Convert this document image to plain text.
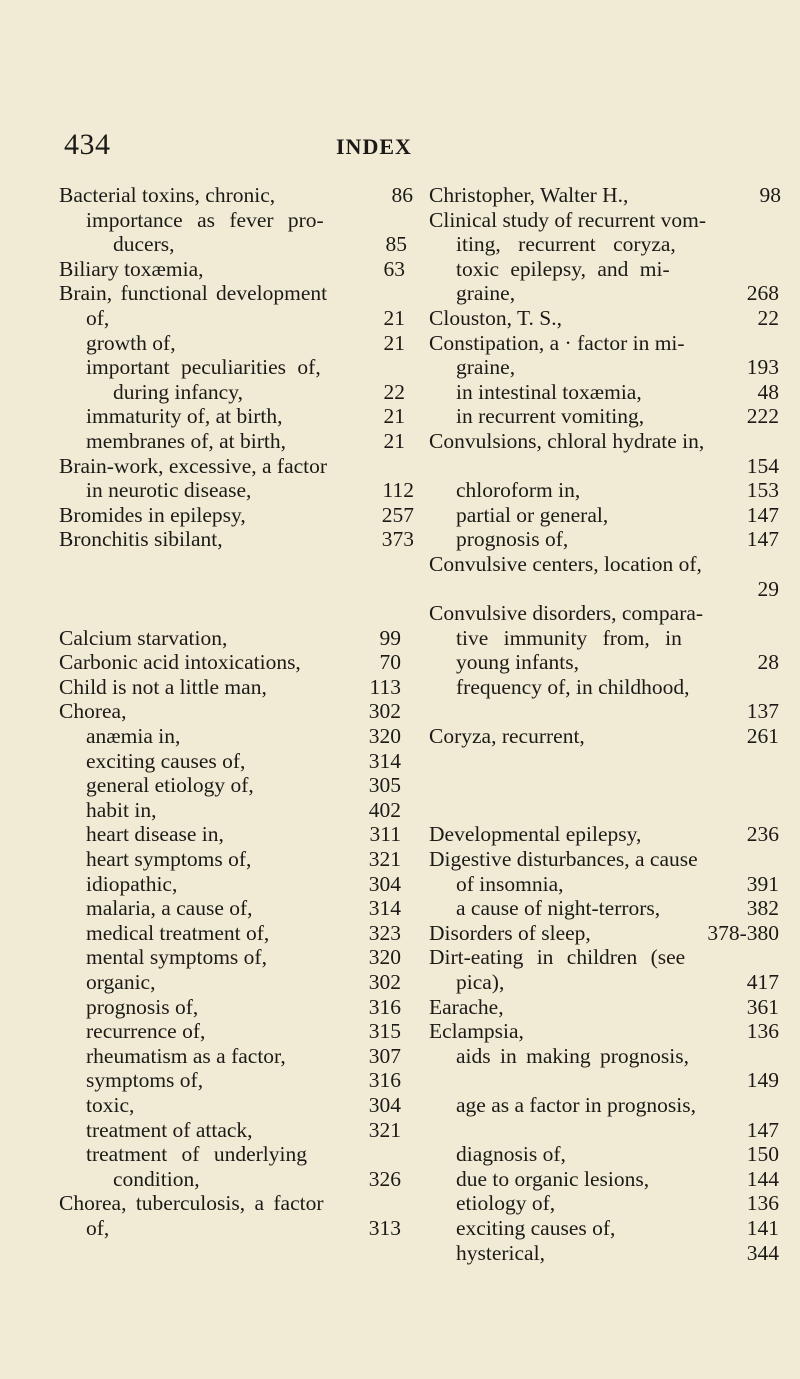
434	INDEX
Bacterial toxins, chronic,	86
importance as fever pro-
ducers,	85
Biliary toxæmia,	63
Brain, functional development
of,	21
growth of,	21
important peculiarities of,
during infancy,	22
immaturity of, at birth,	21
membranes of, at birth,	21
Brain-work, excessive, a factor
in neurotic disease,	112
Bromides in epilepsy,	257
Bronchitis sibilant,	373
Calcium starvation,	99
Carbonic acid intoxications,	70
Child is not a little man,	113
Chorea,	302
anæmia in,	320
exciting causes of,	314
general etiology of,	305
habit in,	402
heart disease in,	311
heart symptoms of,	321
idiopathic,	304
malaria, a cause of,	314
medical treatment of,	323
mental symptoms of,	320
organic,	302
prognosis of,	316
recurrence of,	315
rheumatism as a factor,	307
symptoms of,	316
toxic,	304
treatment of attack,	321
treatment of underlying
condition,	326
Chorea, tuberculosis, a factor
of,	313
Christopher, Walter H.,	98
Clinical study of recurrent vom-
iting, recurrent coryza,
toxic epilepsy, and mi-
graine,	268
Clouston, T. S.,	22
Constipation, a · factor in mi-
graine,	193
in intestinal toxæmia,	48
in recurrent vomiting,	222
Convulsions, chloral hydrate in,
154

chloroform in,	153
partial or general,	147
prognosis of,	147
Convulsive centers, location of,
29

Convulsive disorders, compara-
tive immunity from, in
young infants,	28
frequency of, in childhood,
137

Coryza, recurrent,	261
Developmental epilepsy,	236
Digestive disturbances, a cause
of insomnia,	391
a cause of night-terrors,	382
Disorders of sleep,	378-380
Dirt-eating in children (see
pica),	417
Earache,	361
Eclampsia,	136
aids in making prognosis,
149

age as a factor in prognosis,
147

diagnosis of,	150
due to organic lesions,	144
etiology of,	136
exciting causes of,	141
hysterical,	344
